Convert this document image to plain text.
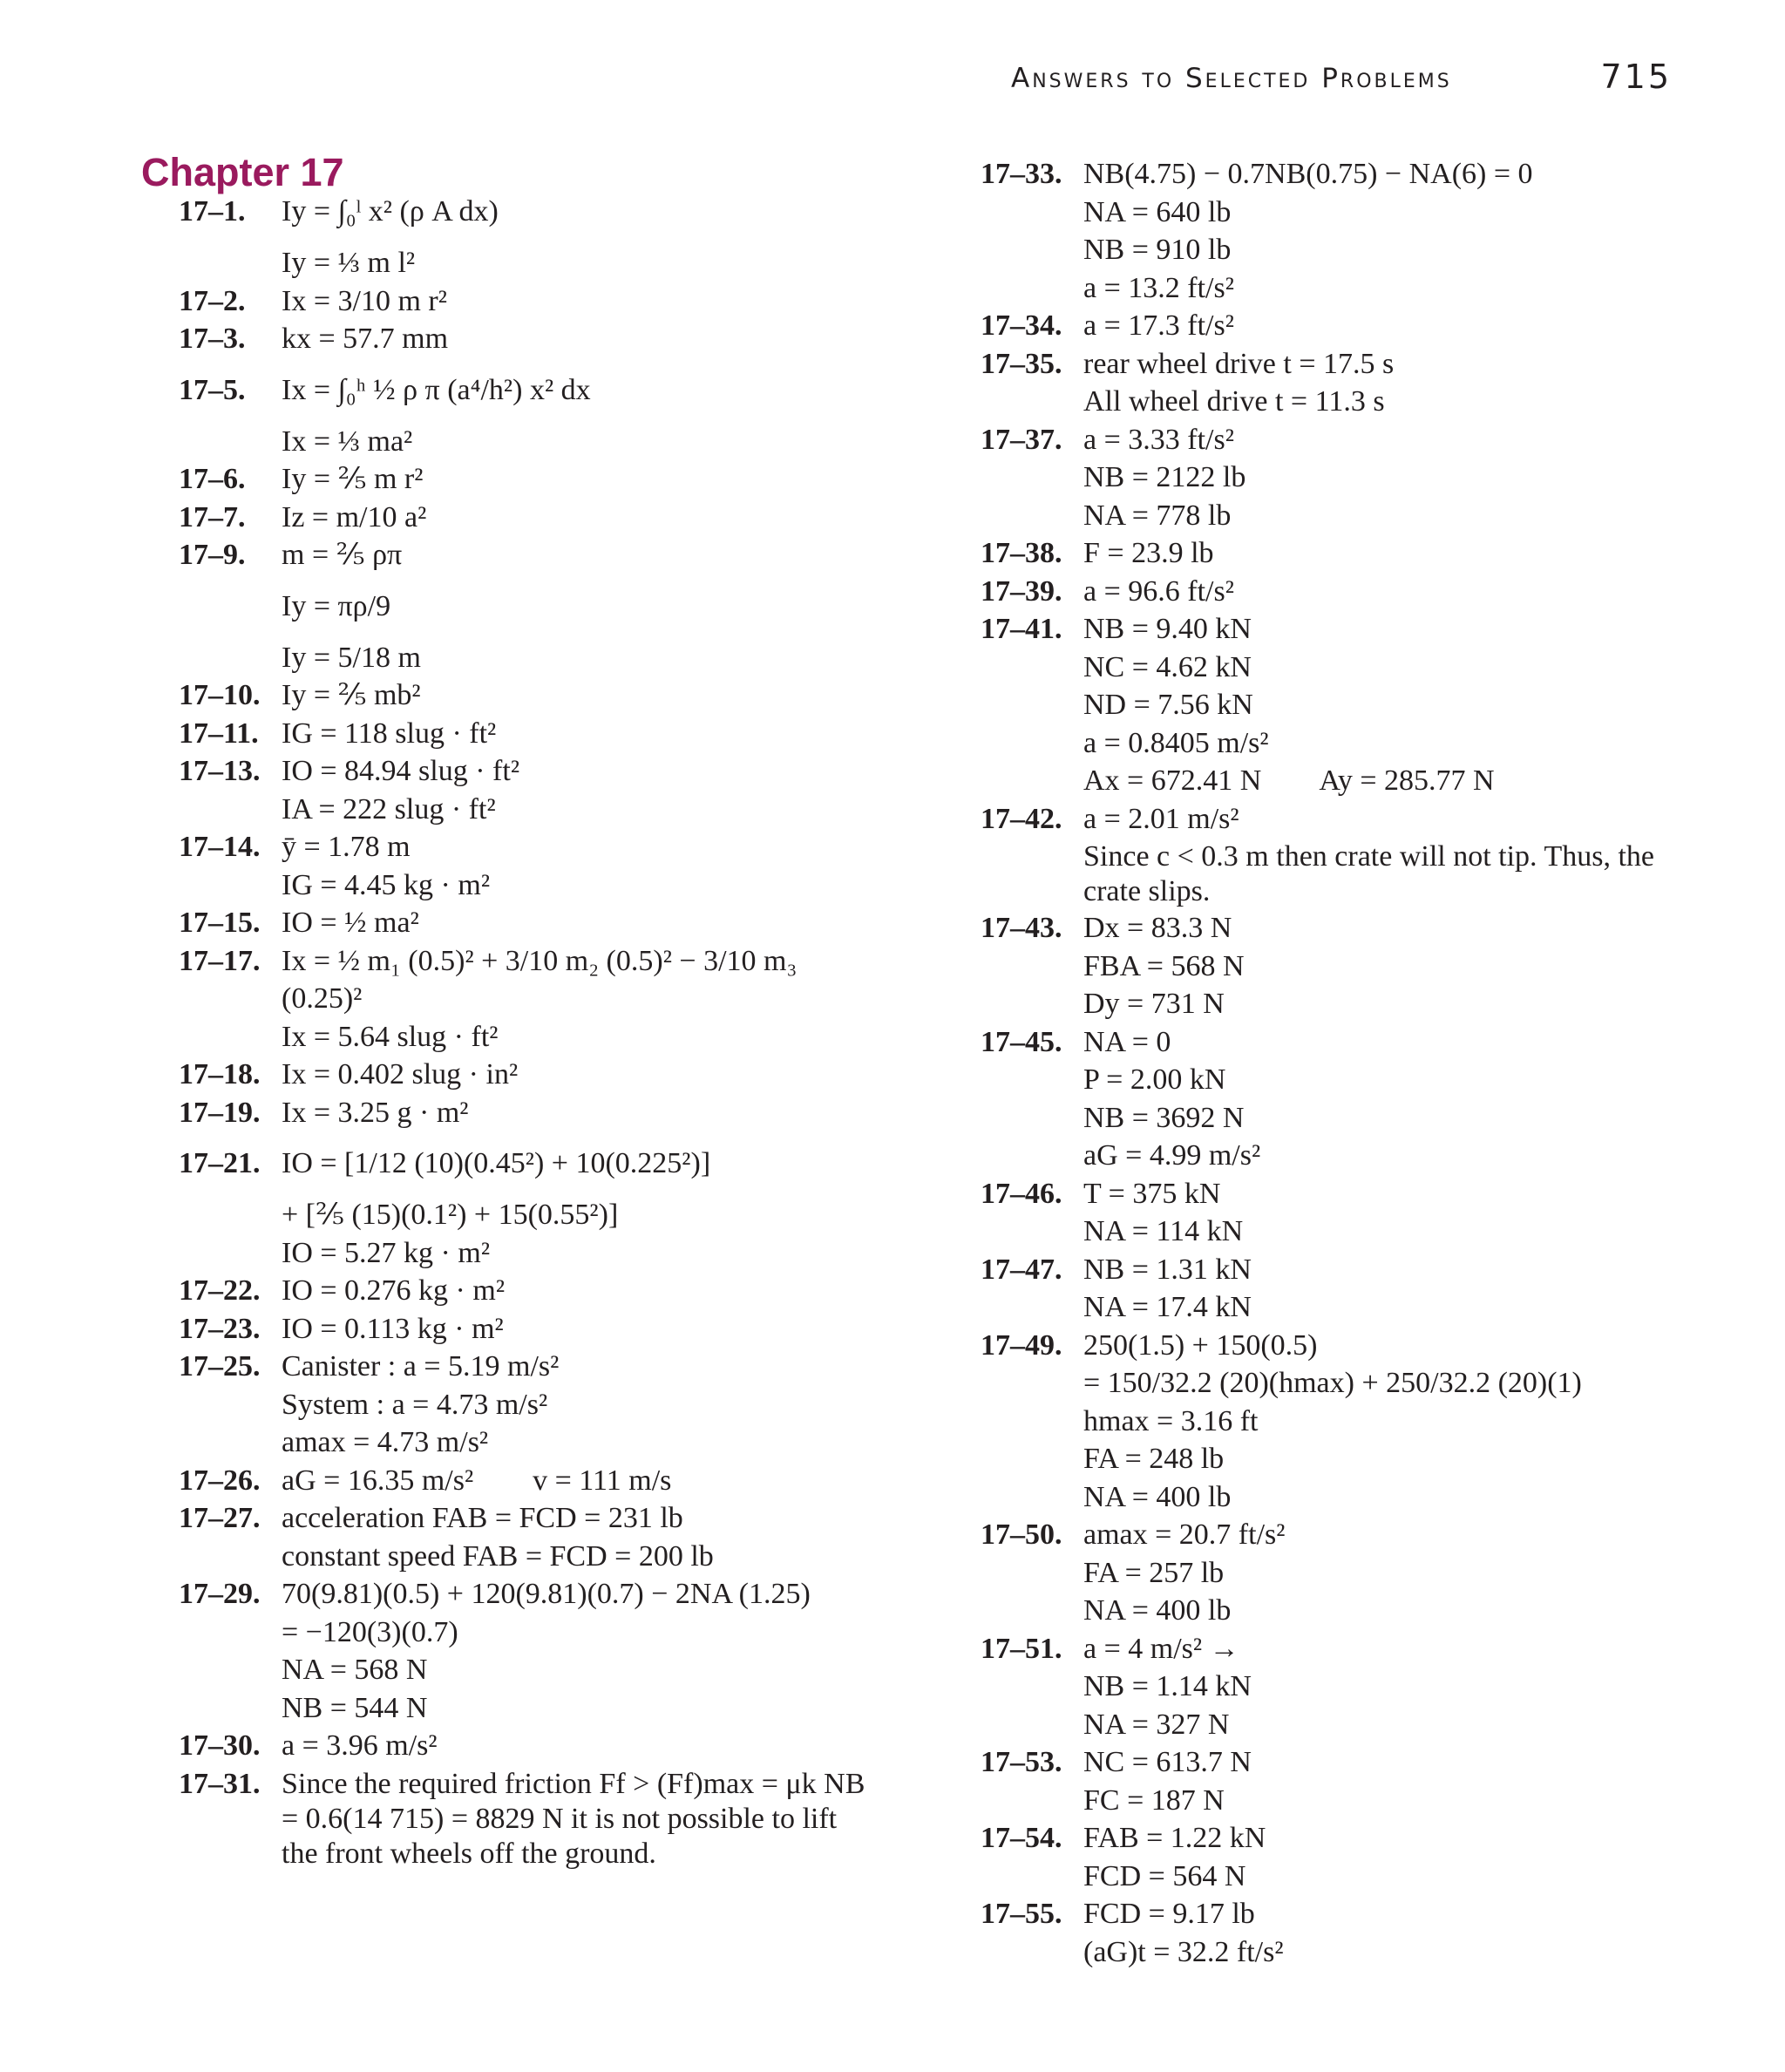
Answers to Selected Problems	715
Chapter 17
17–1.	Iy = ∫₀ˡ x² (ρ A dx)
Iy = ⅓ m l²
17–2.	Ix = 3/10 m r²
17–3.	kx = 57.7 mm
17–5.	Ix = ∫₀ʰ ½ ρ π (a⁴/h²) x² dx
Ix = ⅓ ma²
17–6.	Iy = ⅖ m r²
17–7.	Iz = m/10 a²
17–9.	m = ⅖ ρπ
Iy = πρ/9
Iy = 5/18 m
17–10. Iy = ⅖ mb²
17–11. IG = 118 slug · ft²
17–13. IO = 84.94 slug · ft²
IA = 222 slug · ft²
17–14. ȳ = 1.78 m
IG = 4.45 kg · m²
17–15. IO = ½ ma²
17–17. Ix = ½ m₁ (0.5)² + 3/10 m₂ (0.5)² − 3/10 m₃ (0.25)²
Ix = 5.64 slug · ft²
17–18. Ix = 0.402 slug · in²
17–19. Ix = 3.25 g · m²
17–21. IO = [1/12 (10)(0.45²) + 10(0.225²)]
+ [⅖ (15)(0.1²) + 15(0.55²)]
IO = 5.27 kg · m²
17–22. IO = 0.276 kg · m²
17–23. IO = 0.113 kg · m²
17–25. Canister : a = 5.19 m/s²
System : a = 4.73 m/s²
amax = 4.73 m/s²
17–26. aG = 16.35 m/s²        v = 111 m/s
17–27. acceleration FAB = FCD = 231 lb
constant speed FAB = FCD = 200 lb
17–29. 70(9.81)(0.5) + 120(9.81)(0.7) − 2NA (1.25)
= −120(3)(0.7)
NA = 568 N
NB = 544 N
17–30. a = 3.96 m/s²
17–31. Since the required friction Ff > (Ff)max = μk NB = 0.6(14 715) = 8829 N it is not possible to lift the front wheels off the ground.
17–33. NB(4.75) − 0.7NB(0.75) − NA(6) = 0
NA = 640 lb
NB = 910 lb
a = 13.2 ft/s²
17–34. a = 17.3 ft/s²
17–35. rear wheel drive t = 17.5 s
All wheel drive t = 11.3 s
17–37. a = 3.33 ft/s²
NB = 2122 lb
NA = 778 lb
17–38. F = 23.9 lb
17–39. a = 96.6 ft/s²
17–41. NB = 9.40 kN
NC = 4.62 kN
ND = 7.56 kN
a = 0.8405 m/s²
Ax = 672.41 N        Ay = 285.77 N
17–42. a = 2.01 m/s²
Since c < 0.3 m then crate will not tip. Thus, the crate slips.
17–43. Dx = 83.3 N
FBA = 568 N
Dy = 731 N
17–45. NA = 0
P = 2.00 kN
NB = 3692 N
aG = 4.99 m/s²
17–46. T = 375 kN
NA = 114 kN
17–47. NB = 1.31 kN
NA = 17.4 kN
17–49. 250(1.5) + 150(0.5)
= 150/32.2 (20)(hmax) + 250/32.2 (20)(1)
hmax = 3.16 ft
FA = 248 lb
NA = 400 lb
17–50. amax = 20.7 ft/s²
FA = 257 lb
NA = 400 lb
17–51. a = 4 m/s² →
NB = 1.14 kN
NA = 327 N
17–53. NC = 613.7 N
FC = 187 N
17–54. FAB = 1.22 kN
FCD = 564 N
17–55. FCD = 9.17 lb
(aG)t = 32.2 ft/s²
